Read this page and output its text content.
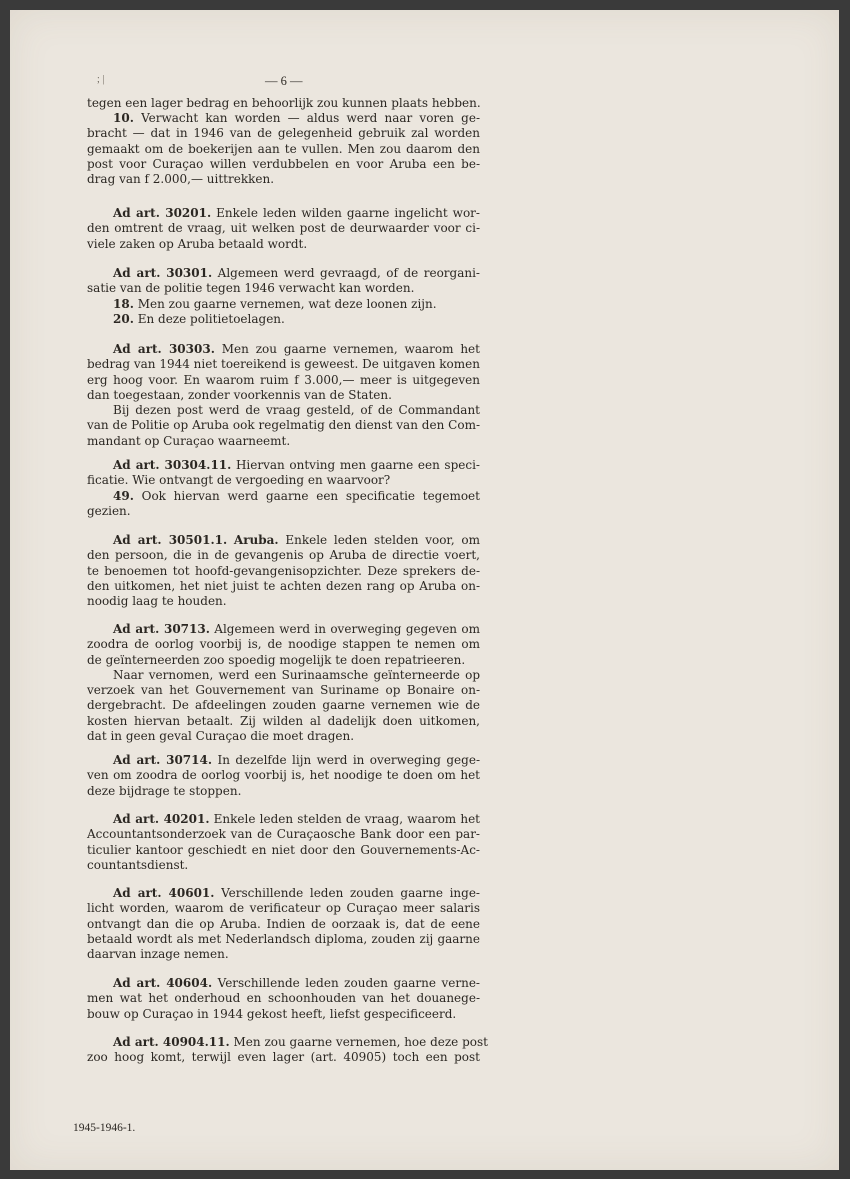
; |	— 6 —
tegen een lager bedrag en behoorlijk zou kunnen plaats hebben.
10. Verwacht kan worden — aldus werd naar voren ge-
bracht — dat in 1946 van de gelegenheid gebruik zal worden
gemaakt om de boekerijen aan te vullen. Men zou daarom den
post voor Curaçao willen verdubbelen en voor Aruba een be-
drag van f 2.000,— uittrekken.
Ad art. 30201. Enkele leden wilden gaarne ingelicht wor-
den omtrent de vraag, uit welken post de deurwaarder voor ci-
viele zaken op Aruba betaald wordt.
Ad art. 30301. Algemeen werd gevraagd, of de reorgani-
satie van de politie tegen 1946 verwacht kan worden.
18. Men zou gaarne vernemen, wat deze loonen zijn.
20. En deze politietoelagen.
Ad art. 30303. Men zou gaarne vernemen, waarom het
bedrag van 1944 niet toereikend is geweest. De uitgaven komen
erg hoog voor. En waarom ruim f 3.000,— meer is uitgegeven
dan toegestaan, zonder voorkennis van de Staten.
Bij dezen post werd de vraag gesteld, of de Commandant
van de Politie op Aruba ook regelmatig den dienst van den Com-
mandant op Curaçao waarneemt.
Ad art. 30304.11. Hiervan ontving men gaarne een speci-
ficatie. Wie ontvangt de vergoeding en waarvoor?
49. Ook hiervan werd gaarne een specificatie tegemoet
gezien.
Ad art. 30501.1. Aruba. Enkele leden stelden voor, om
den persoon, die in de gevangenis op Aruba de directie voert,
te benoemen tot hoofd-gevangenisopzichter. Deze sprekers de-
den uitkomen, het niet juist te achten dezen rang op Aruba on-
noodig laag te houden.
Ad art. 30713. Algemeen werd in overweging gegeven om
zoodra de oorlog voorbij is, de noodige stappen te nemen om
de geïnterneerden zoo spoedig mogelijk te doen repatrieeren.
Naar vernomen, werd een Surinaamsche geïnterneerde op
verzoek van het Gouvernement van Suriname op Bonaire on-
dergebracht. De afdeelingen zouden gaarne vernemen wie de
kosten hiervan betaalt. Zij wilden al dadelijk doen uitkomen,
dat in geen geval Curaçao die moet dragen.
Ad art. 30714. In dezelfde lijn werd in overweging gege-
ven om zoodra de oorlog voorbij is, het noodige te doen om het
deze bijdrage te stoppen.
Ad art. 40201. Enkele leden stelden de vraag, waarom het
Accountantsonderzoek van de Curaçaosche Bank door een par-
ticulier kantoor geschiedt en niet door den Gouvernements-Ac-
countantsdienst.
Ad art. 40601. Verschillende leden zouden gaarne inge-
licht worden, waarom de verificateur op Curaçao meer salaris
ontvangt dan die op Aruba. Indien de oorzaak is, dat de eene
betaald wordt als met Nederlandsch diploma, zouden zij gaarne
daarvan inzage nemen.
Ad art. 40604. Verschillende leden zouden gaarne verne-
men wat het onderhoud en schoonhouden van het douanege-
bouw op Curaçao in 1944 gekost heeft, liefst gespecificeerd.
Ad art. 40904.11. Men zou gaarne vernemen, hoe deze post
zoo hoog komt, terwijl even lager (art. 40905) toch een post
1945-1946-1.
